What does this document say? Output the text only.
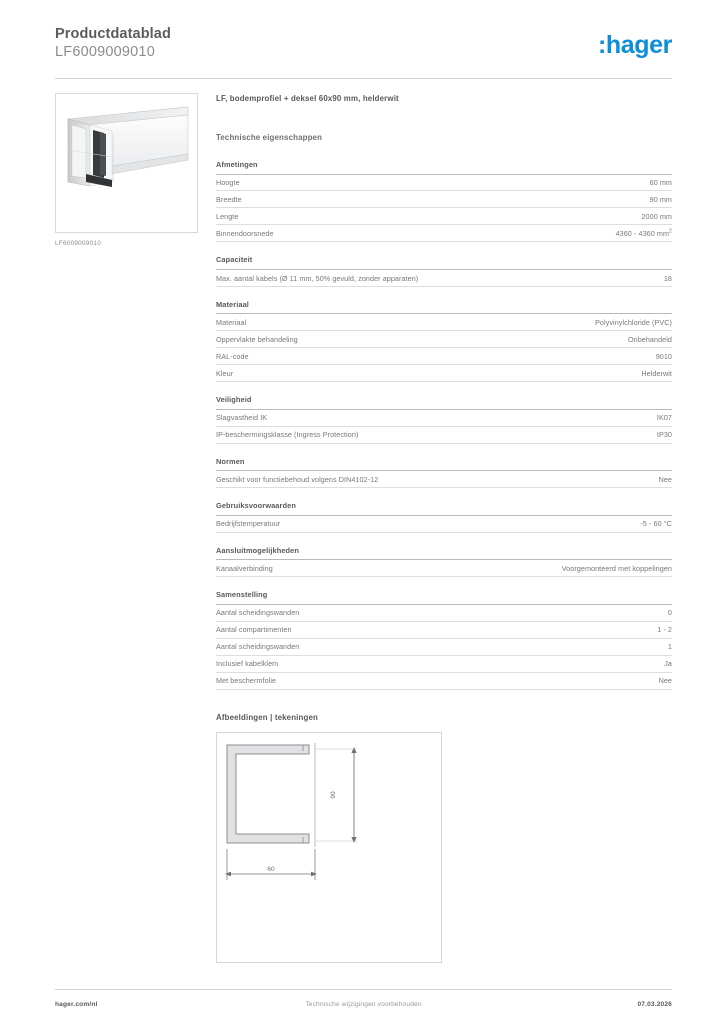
Productdatablad
LF6009009010	:hager
LF6009009010
LF, bodemprofiel + deksel 60x90 mm, helderwit
Technische eigenschappen
Afmetingen
Hoogte	60 mm
Breedte	90 mm
Lengte	2000 mm
Binnendoorsnede	4360 - 4360 $mm^2$
Capaciteit
Max. aantal kabels (Ø 11 mm, 50% gevuld, zonder apparaten)	18
Materiaal
Materiaal	Polyvinylchloride (PVC)
Oppervlakte behandeling	Onbehandeld
RAL-code	9010
Kleur	Helderwit
Veiligheid
Slagvastheid IK	IK07
IP-beschermingsklasse (Ingress Protection)	IP30
Normen
Geschikt voor functiebehoud volgens DIN4102-12	Nee
Gebruiksvoorwaarden
Bedrijfstemperatuur	-5 - 60 °C
Aansluitmogelijkheden
Kanaalverbinding	Voorgemonteerd met koppelingen
Samenstelling
Aantal scheidingswanden	0
Aantal compartimenten	1 - 2
Aantal scheidingswanden	1
Inclusief kabelklem	Ja
Met beschermfolie	Nee
Afbeeldingen | tekeningen
60
90
hager.com/nl	Technische wijzigingen voorbehouden	07.03.2026
